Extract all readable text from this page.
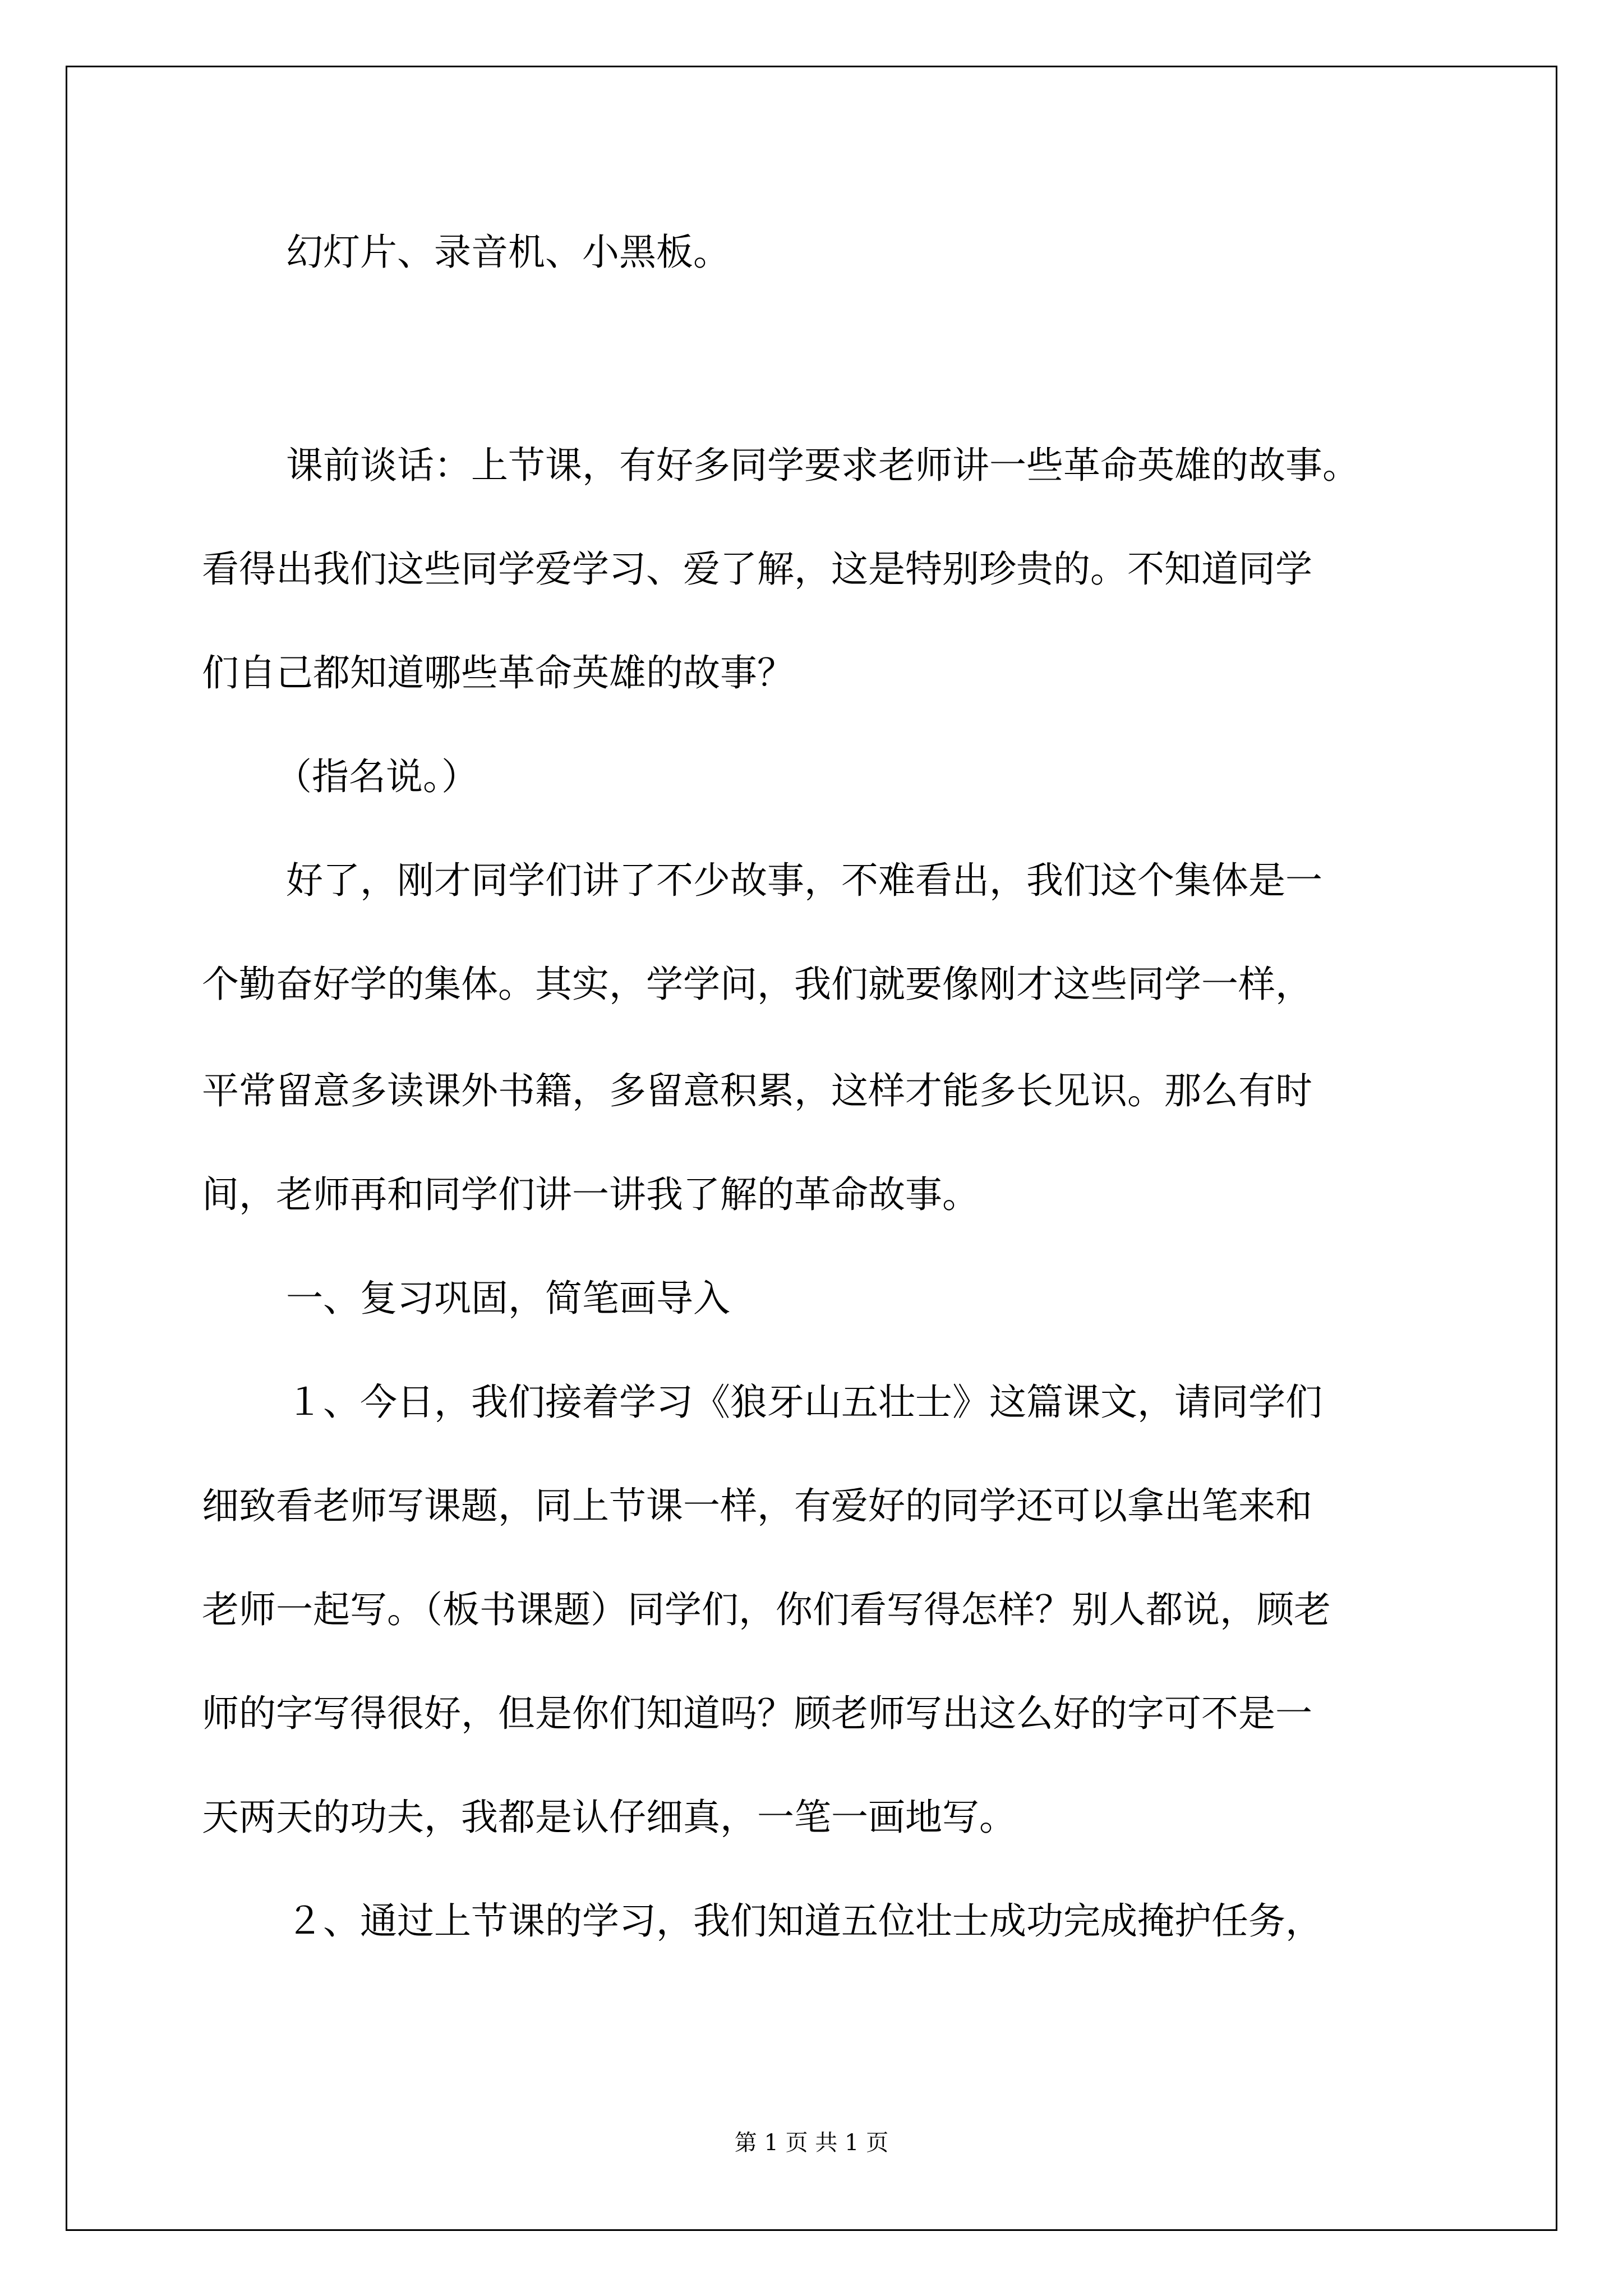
幻灯片、录音机、小黑板。
课前谈话：上节课，有好多同学要求老师讲一些革命英雄的故事。
看得出我们这些同学爱学习、爱了解，这是特别珍贵的。不知道同学
们自己都知道哪些革命英雄的故事？
（指名说。）
好了，刚才同学们讲了不少故事，不难看出，我们这个集体是一
个勤奋好学的集体。其实，学学问，我们就要像刚才这些同学一样，
平常留意多读课外书籍，多留意积累，这样才能多长见识。那么有时
间，老师再和同学们讲一讲我了解的革命故事。
一、复习巩固，简笔画导入
１、今日，我们接着学习《狼牙山五壮士》这篇课文，请同学们
细致看老师写课题，同上节课一样，有爱好的同学还可以拿出笔来和
老师一起写。（板书课题）同学们，你们看写得怎样？别人都说，顾老
师的字写得很好，但是你们知道吗？顾老师写出这么好的字可不是一
天两天的功夫，我都是认仔细真，一笔一画地写。
２、通过上节课的学习，我们知道五位壮士成功完成掩护任务，
第 1 页 共 1 页
